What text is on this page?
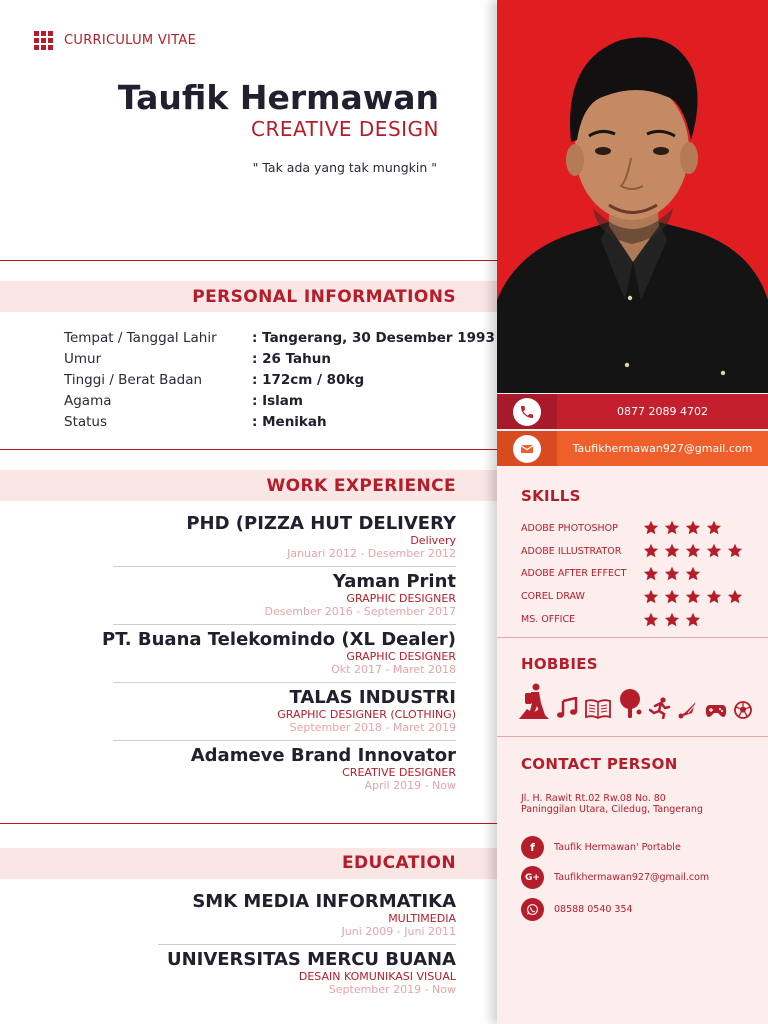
CURRICULUM VITAE
Taufik Hermawan
CREATIVE DESIGN
" Tak ada yang tak mungkin "
PERSONAL INFORMATIONS
Tempat / Tanggal Lahir	: Tangerang, 30 Desember 1993
Umur	: 26 Tahun
Tinggi / Berat Badan	: 172cm / 80kg
Agama	: Islam
Status	: Menikah
WORK EXPERIENCE
PHD (PIZZA HUT DELIVERY
Delivery
Januari 2012 - Desember 2012
Yaman Print
GRAPHIC DESIGNER
Desember 2016 - September 2017
PT. Buana Telekomindo (XL Dealer)
GRAPHIC DESIGNER
Okt 2017 - Maret 2018
TALAS INDUSTRI
GRAPHIC DESIGNER (CLOTHING)
September 2018 - Maret 2019
Adameve Brand Innovator
CREATIVE DESIGNER
April 2019 - Now
EDUCATION
SMK MEDIA INFORMATIKA
MULTIMEDIA
Juni 2009 - Juni 2011
UNIVERSITAS MERCU BUANA
DESAIN KOMUNIKASI VISUAL
September 2019 - Now
0877 2089 4702
Taufikhermawan927@gmail.com
SKILLS
ADOBE PHOTOSHOP
ADOBE ILLUSTRATOR
ADOBE AFTER EFFECT
COREL DRAW
MS. OFFICE
HOBBIES
CONTACT PERSON
Jl. H. Rawit Rt.02 Rw.08 No. 80
Paninggilan Utara, Ciledug, Tangerang
f	Taufik Hermawan' Portable
G+	Taufikhermawan927@gmail.com
08588 0540 354
